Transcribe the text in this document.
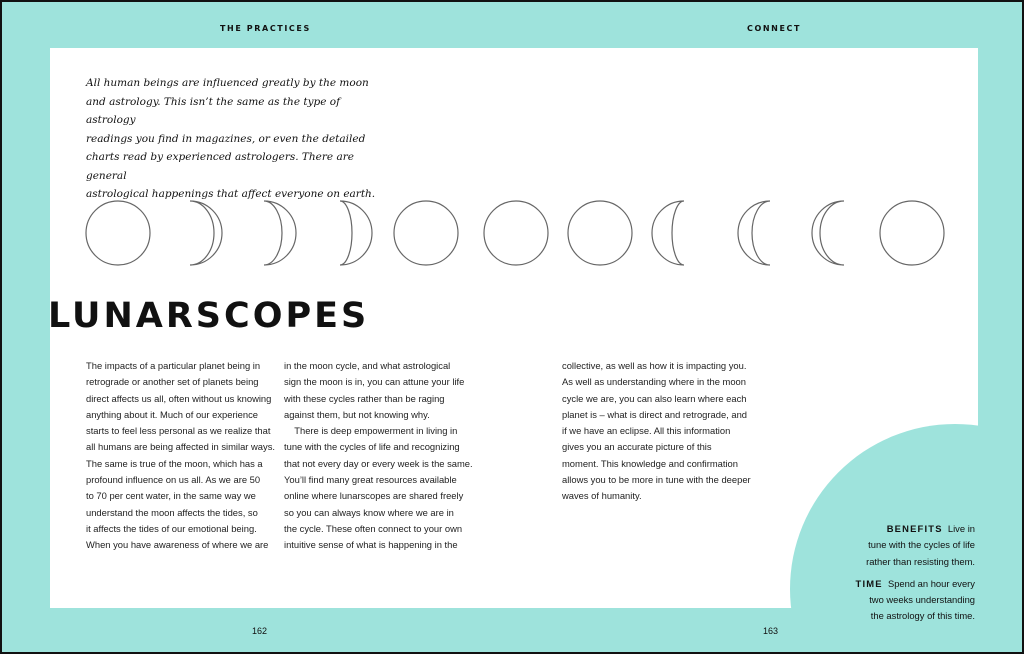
THE PRACTICES	CONNECT

All human beings are influenced greatly by the moon
and astrology. This isn’t the same as the type of astrology
readings you find in magazines, or even the detailed
charts read by experienced astrologers. There are general
astrological happenings that affect everyone on earth.

LUNARSCOPES
The impacts of a particular planet being in
retrograde or another set of planets being
direct affects us all, often without us knowing
anything about it. Much of our experience
starts to feel less personal as we realize that
all humans are being affected in similar ways.
The same is true of the moon, which has a
profound influence on us all. As we are 50
to 70 per cent water, in the same way we
understand the moon affects the tides, so
it affects the tides of our emotional being.
When you have awareness of where we are
in the moon cycle, and what astrological
sign the moon is in, you can attune your life
with these cycles rather than be raging
against them, but not knowing why.
There is deep empowerment in living in
tune with the cycles of life and recognizing
that not every day or every week is the same.
You’ll find many great resources available
online where lunarscopes are shared freely
so you can always know where we are in
the cycle. These often connect to your own
intuitive sense of what is happening in the
collective, as well as how it is impacting you.
As well as understanding where in the moon
cycle we are, you can also learn where each
planet is – what is direct and retrograde, and
if we have an eclipse. All this information
gives you an accurate picture of this
moment. This knowledge and confirmation
allows you to be more in tune with the deeper
waves of humanity.
BENEFITS Live in
tune with the cycles of life
rather than resisting them.
TIME Spend an hour every
two weeks understanding
the astrology of this time.
162	163
